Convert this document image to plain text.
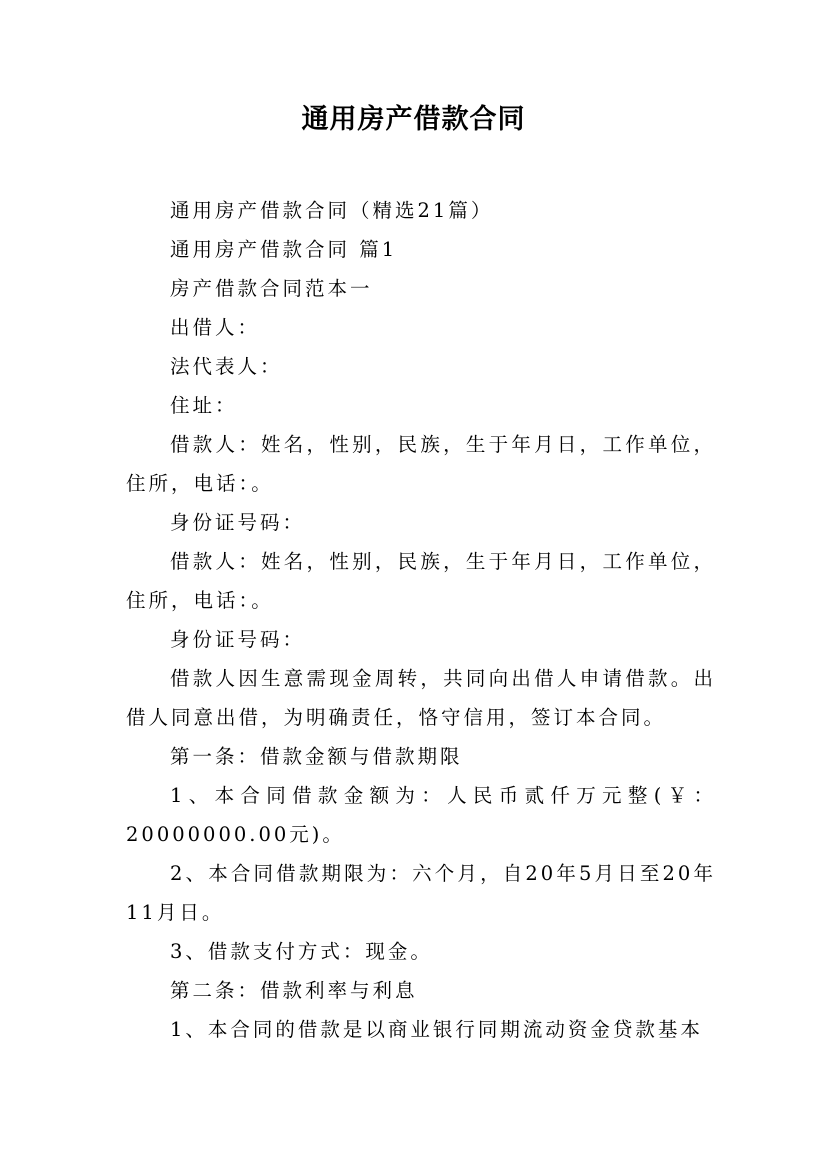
通用房产借款合同

通用房产借款合同（精选21篇）

通用房产借款合同 篇1

房产借款合同范本一

出借人：

法代表人：

住址：

借款人：姓名，性别，民族，生于年月日，工作单位，住所，电话：。

身份证号码：

借款人：姓名，性别，民族，生于年月日，工作单位，住所，电话：。

身份证号码：

借款人因生意需现金周转，共同向出借人申请借款。出借人同意出借，为明确责任，恪守信用，签订本合同。

第一条：借款金额与借款期限

1、本合同借款金额为：人民币贰仟万元整(￥：20000000.00元)。

2、本合同借款期限为：六个月，自20年5月日至20年11月日。

3、借款支付方式：现金。

第二条：借款利率与利息

1、本合同的借款是以商业银行同期流动资金贷款基本
